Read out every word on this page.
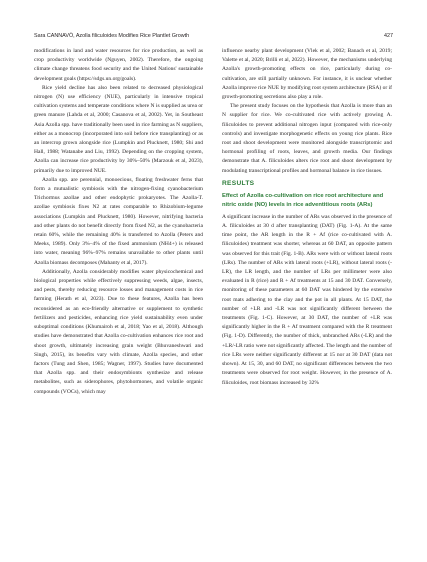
Sara CANNAVÒ, Azolla filiculoides Modifies Rice Plantlet Growth	427

modifications in land and water resources for rice production, as well as crop productivity worldwide (Nguyen, 2002). Therefore, the ongoing climate change threatens food security and the United Nations' sustainable development goals (https://sdgs.un.org/goals).

Rice yield decline has also been related to decreased physiological nitrogen (N) use efficiency (NUE), particularly in intensive tropical cultivation systems and temperate conditions where N is supplied as urea or green manure (Lahda et al, 2000; Casanova et al, 2002). Yet, in Southeast Asia Azolla spp. have traditionally been used in rice farming as N suppliers, either as a monocrop (incorporated into soil before rice transplanting) or as an intercrop grown alongside rice (Lumpkin and Plucknett, 1980; Shi and Hall, 1988; Watanabe and Liu, 1992). Depending on the cropping system, Azolla can increase rice productivity by 30%–50% (Marzouk et al, 2023), primarily due to improved NUE.

Azolla spp. are perennial, monoecious, floating freshwater ferns that form a mutualistic symbiosis with the nitrogen-fixing cyanobacterium Trichormus azollae and other endophytic prokaryotes. The Azolla-T. azollae symbiosis fixes N2 at rates comparable to Rhizobium-legume associations (Lumpkin and Plucknett, 1980). However, nitrifying bacteria and other plants do not benefit directly from fixed N2, as the cyanobacteria retain 60%, while the remaining 40% is transferred to Azolla (Peters and Meeks, 1989). Only 3%–4% of the fixed ammonium (NH4+) is released into water, meaning 96%–97% remains unavailable to other plants until Azolla biomass decomposes (Mahanty et al, 2017).

Additionally, Azolla considerably modifies water physicochemical and biological properties while effectively suppressing weeds, algae, insects, and pests, thereby reducing resource losses and management costs in rice farming (Herath et al, 2023). Due to these features, Azolla has been reconsidered as an eco-friendly alternative or supplement to synthetic fertilizers and pesticides, enhancing rice yield sustainability even under suboptimal conditions (Khumairoh et al, 2018; Yao et al, 2018). Although studies have demonstrated that Azolla co-cultivation enhances rice root and shoot growth, ultimately increasing grain weight (Bhuvaneshwari and Singh, 2015), its benefits vary with climate, Azolla species, and other factors (Tung and Shen, 1985; Wagner, 1997). Studies have documented that Azolla spp. and their endosymbionts synthesize and release metabolites, such as siderophores, phytohormones, and volatile organic compounds (VOCs), which may

influence nearby plant development (Vlek et al, 2002; Banach et al, 2019; Valette et al, 2020; Brilli et al, 2022). However, the mechanisms underlying Azolla's growth-promoting effects on rice, particularly during co-cultivation, are still partially unknown. For instance, it is unclear whether Azolla improve rice NUE by modifying root system architecture (RSA) or if growth-promoting secretions also play a role.

The present study focuses on the hypothesis that Azolla is more than an N supplier for rice. We co-cultivated rice with actively growing A. filiculoides to prevent additional nitrogen input (compared with rice-only controls) and investigate morphogenetic effects on young rice plants. Rice root and shoot development were monitored alongside transcriptomic and hormonal profiling of roots, leaves, and growth media. Our findings demonstrate that A. filiculoides alters rice root and shoot development by modulating transcriptional profiles and hormonal balance in rice tissues.

RESULTS
Effect of Azolla co-cultivation on rice root architecture and nitric oxide (NO) levels in rice adventitious roots (ARs)

A significant increase in the number of ARs was observed in the presence of A. filiculoides at 30 d after transplanting (DAT) (Fig. 1-A). At the same time point, the AR length in the R + Af (rice co-cultivated with A. filiculoides) treatment was shorter, whereas at 60 DAT, an opposite pattern was observed for this trait (Fig. 1-B). ARs were with or without lateral roots (LRs). The number of ARs with lateral roots (+LR), without lateral roots (-LR), the LR length, and the number of LRs per millimeter were also evaluated in R (rice) and R + Af treatments at 15 and 30 DAT. Conversely, monitoring of these parameters at 60 DAT was hindered by the extensive root mats adhering to the clay and the pot in all plants. At 15 DAT, the number of +LR and -LR was not significantly different between the treatments (Fig. 1-C). However, at 30 DAT, the number of +LR was significantly higher in the R + Af treatment compared with the R treatment (Fig. 1-D). Differently, the number of thick, unbranched ARs (-LR) and the +LR/-LR ratio were not significantly affected. The length and the number of rice LRs were neither significantly different at 15 nor at 30 DAT (data not shown). At 15, 30, and 60 DAT, no significant differences between the two treatments were observed for root weight. However, in the presence of A. filiculoides, root biomass increased by 32%
